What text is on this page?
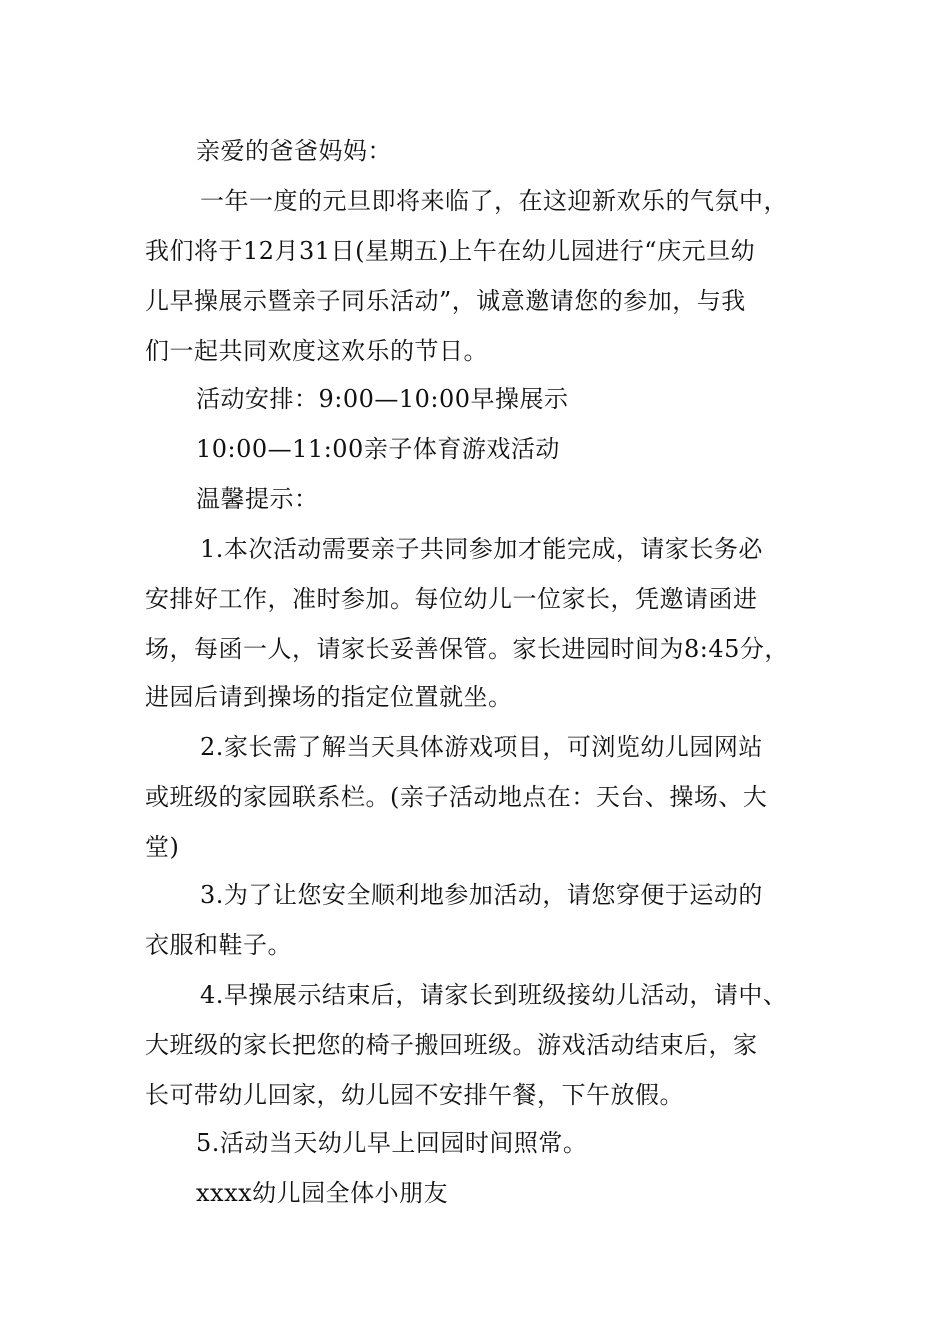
亲爱的爸爸妈妈：
一年一度的元旦即将来临了，在这迎新欢乐的气氛中，
我们将于12月31日(星期五)上午在幼儿园进行“庆元旦幼
儿早操展示暨亲子同乐活动”，诚意邀请您的参加，与我
们一起共同欢度这欢乐的节日。
活动安排：9:00—10:00早操展示
10:00—11:00亲子体育游戏活动
温馨提示：
1.本次活动需要亲子共同参加才能完成，请家长务必
安排好工作，准时参加。每位幼儿一位家长，凭邀请函进
场，每函一人，请家长妥善保管。家长进园时间为8:45分，
进园后请到操场的指定位置就坐。
2.家长需了解当天具体游戏项目，可浏览幼儿园网站
或班级的家园联系栏。(亲子活动地点在：天台、操场、大
堂)
3.为了让您安全顺利地参加活动，请您穿便于运动的
衣服和鞋子。
4.早操展示结束后，请家长到班级接幼儿活动，请中、
大班级的家长把您的椅子搬回班级。游戏活动结束后，家
长可带幼儿回家，幼儿园不安排午餐，下午放假。
5.活动当天幼儿早上回园时间照常。
xxxx幼儿园全体小朋友
